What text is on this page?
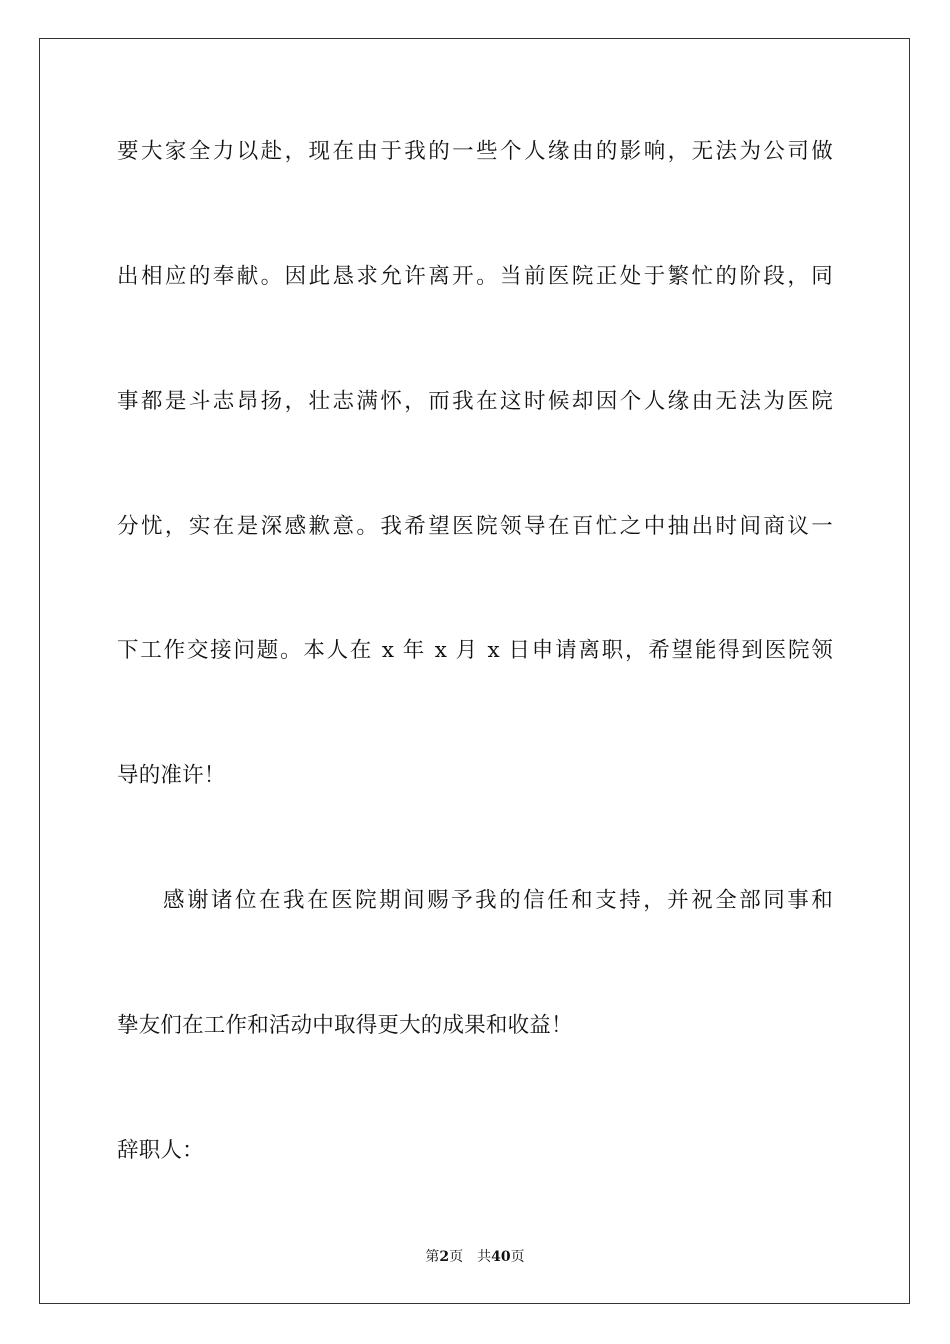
要大家全力以赴，现在由于我的一些个人缘由的影响，无法为公司做
出相应的奉献。因此恳求允许离开。当前医院正处于繁忙的阶段，同
事都是斗志昂扬，壮志满怀，而我在这时候却因个人缘由无法为医院
分忧，实在是深感歉意。我希望医院领导在百忙之中抽出时间商议一
下工作交接问题。本人在 x 年 x 月 x 日申请离职，希望能得到医院领
导的准许！
感谢诸位在我在医院期间赐予我的信任和支持，并祝全部同事和
挚友们在工作和活动中取得更大的成果和收益！
辞职人：
第2页 共40页
